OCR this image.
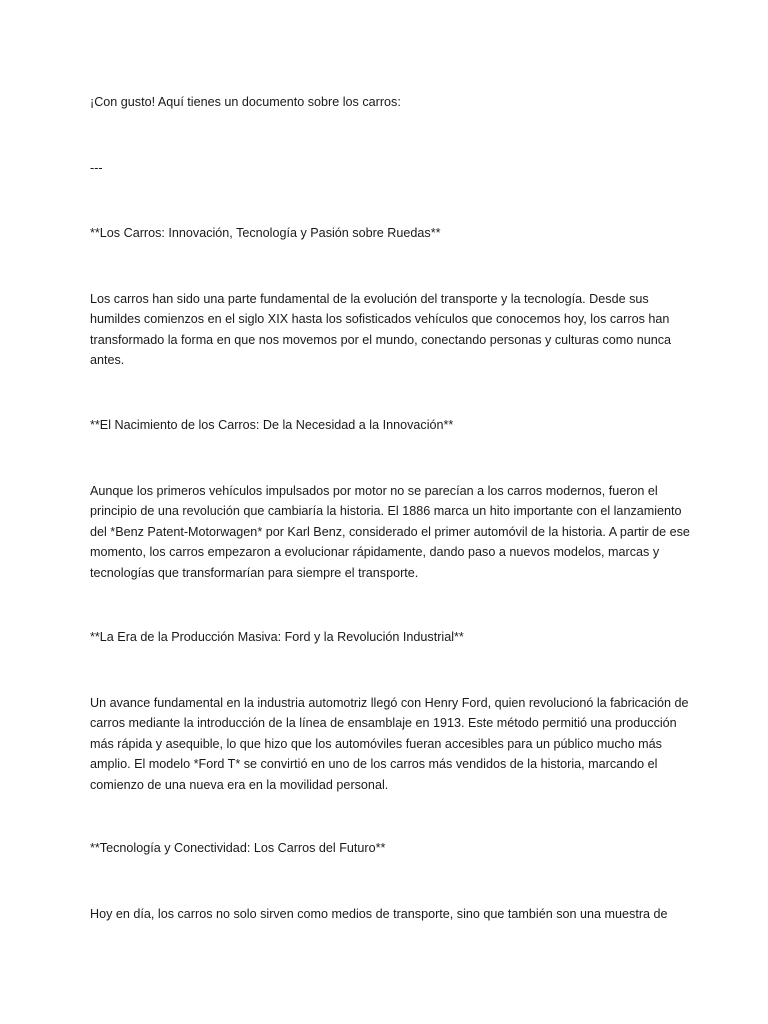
¡Con gusto! Aquí tienes un documento sobre los carros:

---

**Los Carros: Innovación, Tecnología y Pasión sobre Ruedas**

Los carros han sido una parte fundamental de la evolución del transporte y la tecnología. Desde sus humildes comienzos en el siglo XIX hasta los sofisticados vehículos que conocemos hoy, los carros han transformado la forma en que nos movemos por el mundo, conectando personas y culturas como nunca antes.

**El Nacimiento de los Carros: De la Necesidad a la Innovación**

Aunque los primeros vehículos impulsados por motor no se parecían a los carros modernos, fueron el principio de una revolución que cambiaría la historia. El 1886 marca un hito importante con el lanzamiento del *Benz Patent-Motorwagen* por Karl Benz, considerado el primer automóvil de la historia. A partir de ese momento, los carros empezaron a evolucionar rápidamente, dando paso a nuevos modelos, marcas y tecnologías que transformarían para siempre el transporte.

**La Era de la Producción Masiva: Ford y la Revolución Industrial**

Un avance fundamental en la industria automotriz llegó con Henry Ford, quien revolucionó la fabricación de carros mediante la introducción de la línea de ensamblaje en 1913. Este método permitió una producción más rápida y asequible, lo que hizo que los automóviles fueran accesibles para un público mucho más amplio. El modelo *Ford T* se convirtió en uno de los carros más vendidos de la historia, marcando el comienzo de una nueva era en la movilidad personal.

**Tecnología y Conectividad: Los Carros del Futuro**

Hoy en día, los carros no solo sirven como medios de transporte, sino que también son una muestra de
